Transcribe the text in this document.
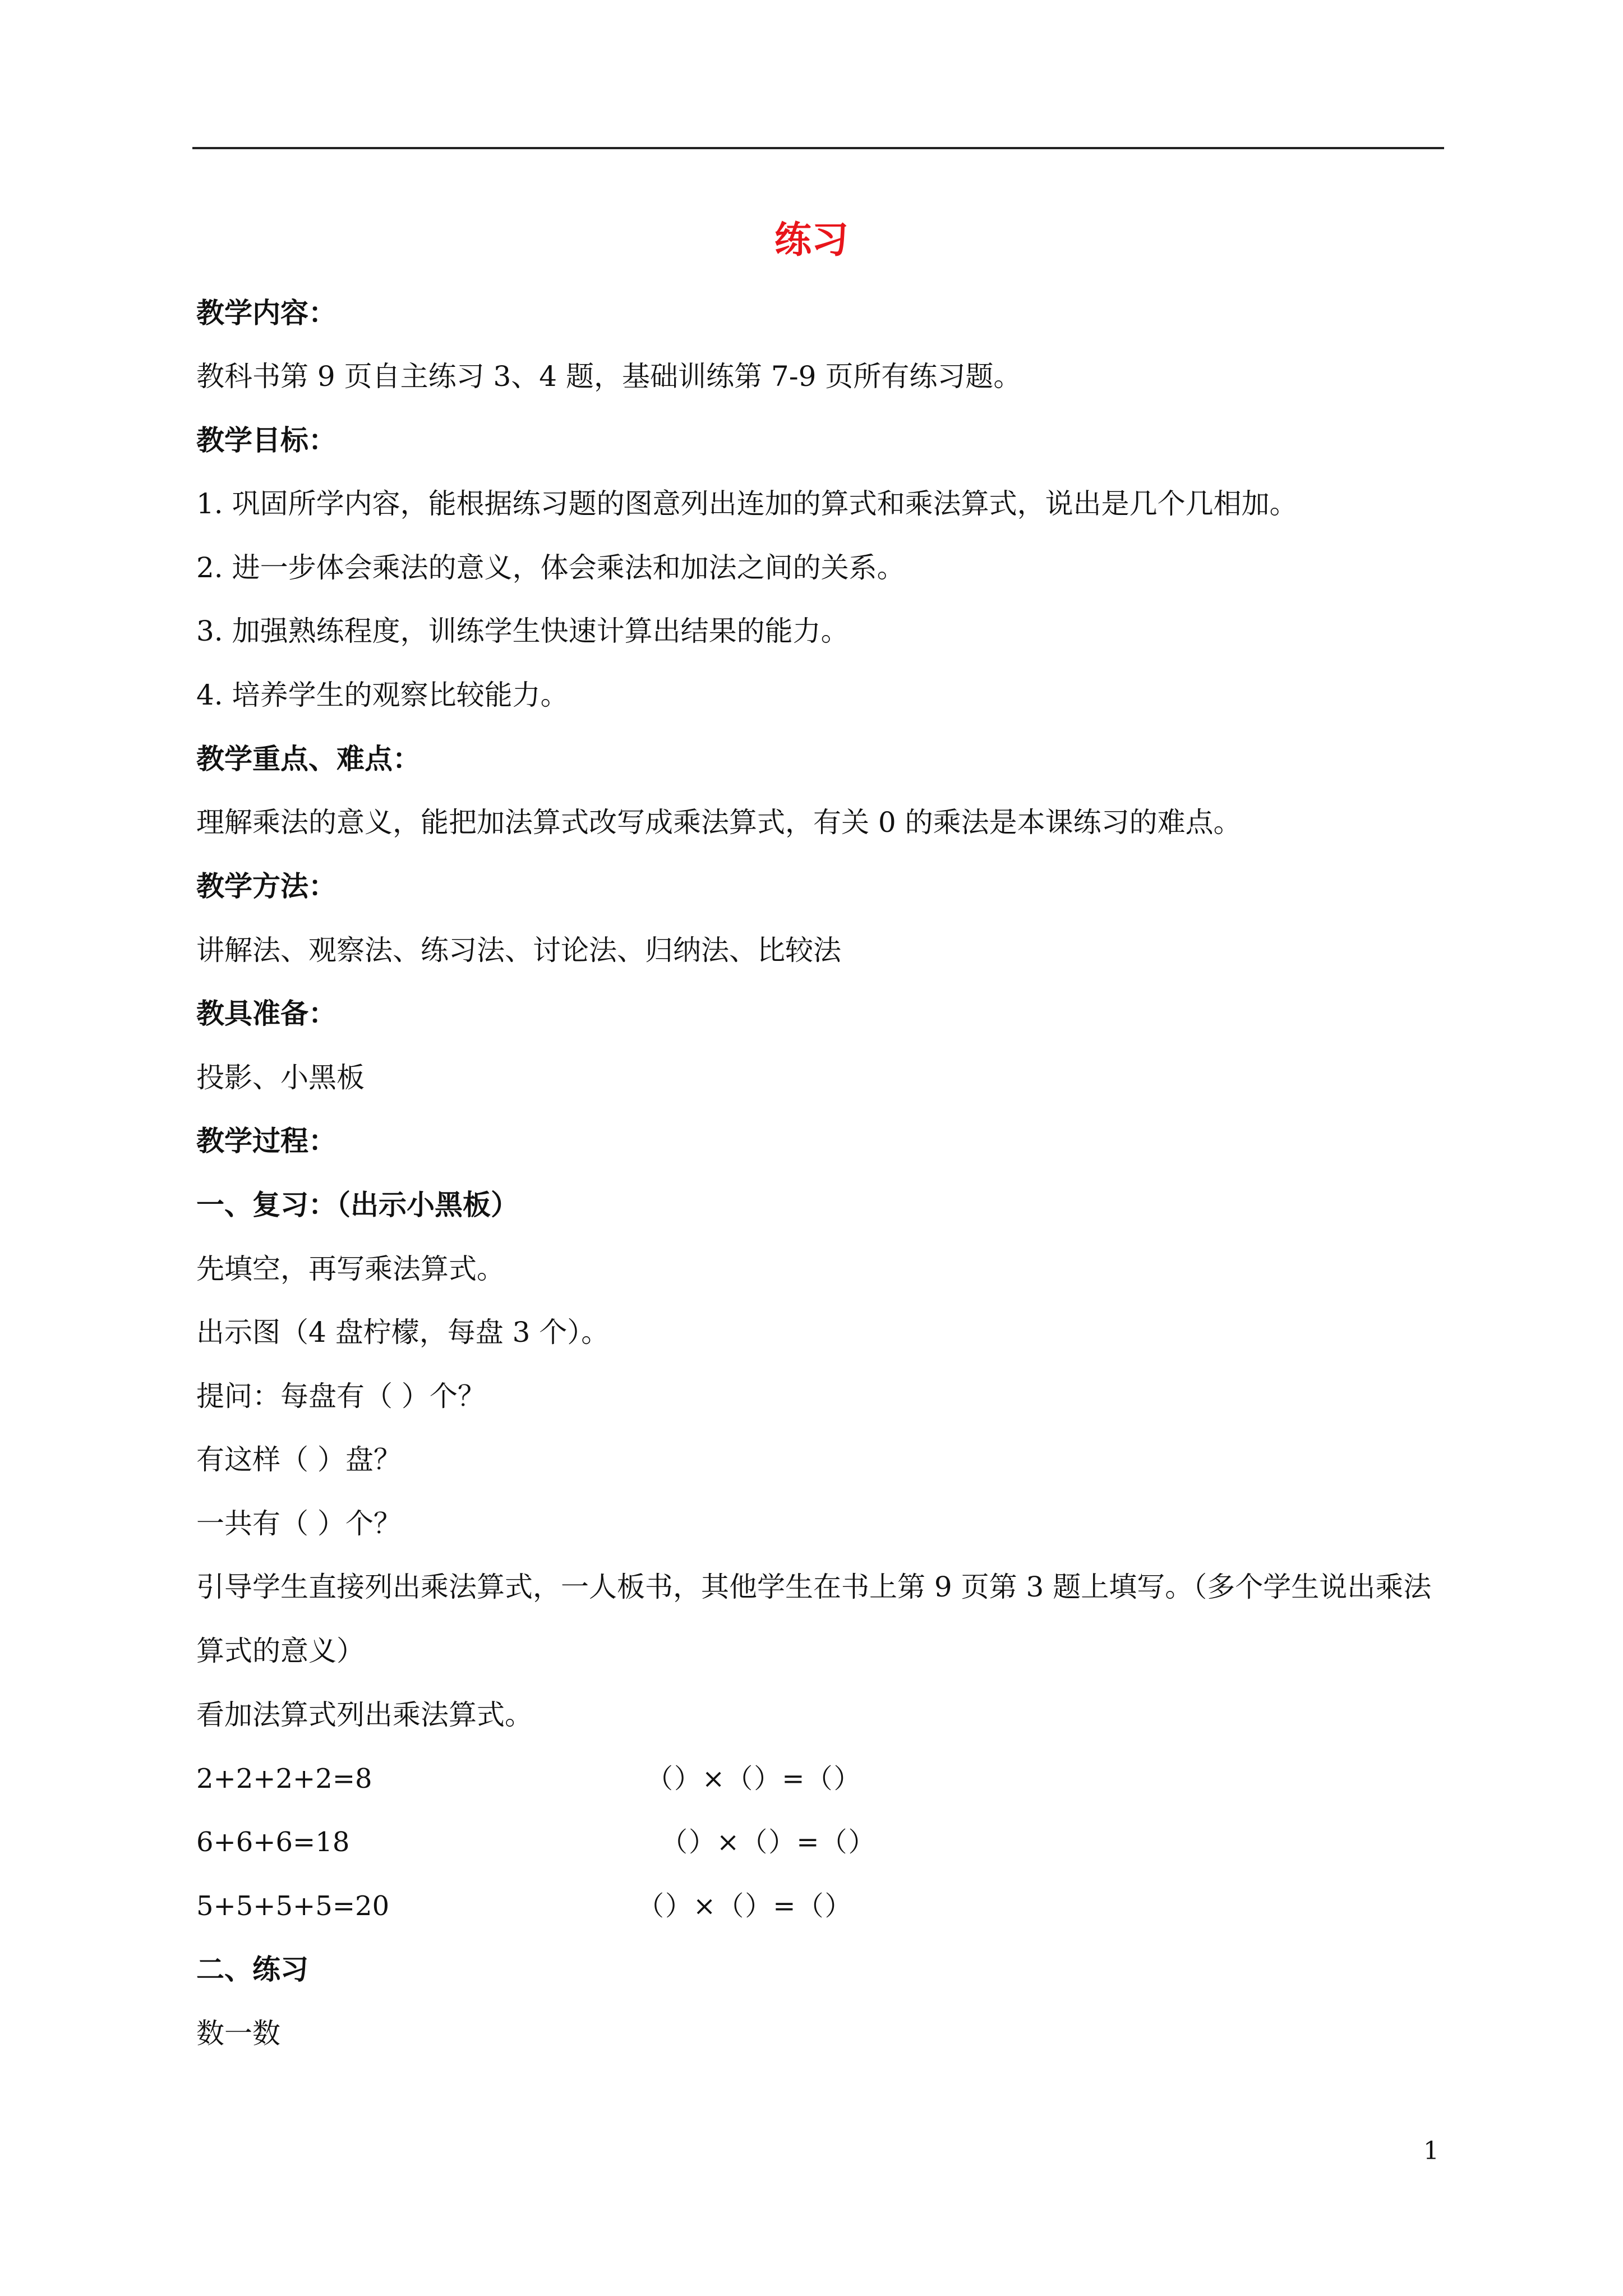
练习
教学内容：
教科书第 9 页自主练习 3、4 题，基础训练第 7-9 页所有练习题。
教学目标：
1. 巩固所学内容，能根据练习题的图意列出连加的算式和乘法算式，说出是几个几相加。
2. 进一步体会乘法的意义，体会乘法和加法之间的关系。
3. 加强熟练程度，训练学生快速计算出结果的能力。
4. 培养学生的观察比较能力。
教学重点、难点：
理解乘法的意义，能把加法算式改写成乘法算式，有关 0 的乘法是本课练习的难点。
教学方法：
讲解法、观察法、练习法、讨论法、归纳法、比较法
教具准备：
投影、小黑板
教学过程：
一、复习：（出示小黑板）
先填空，再写乘法算式。
出示图（4 盘柠檬，每盘 3 个）。
提问：每盘有（ ）个？
有这样（ ）盘？
一共有（ ）个？
引导学生直接列出乘法算式，一人板书，其他学生在书上第 9 页第 3 题上填写。（多个学生说出乘法算式的意义）
看加法算式列出乘法算式。
2+2+2+2=8	（）×（）=（）
6+6+6=18	（）×（）=（）
5+5+5+5=20	（）×（）=（）
二、练习
数一数
1
